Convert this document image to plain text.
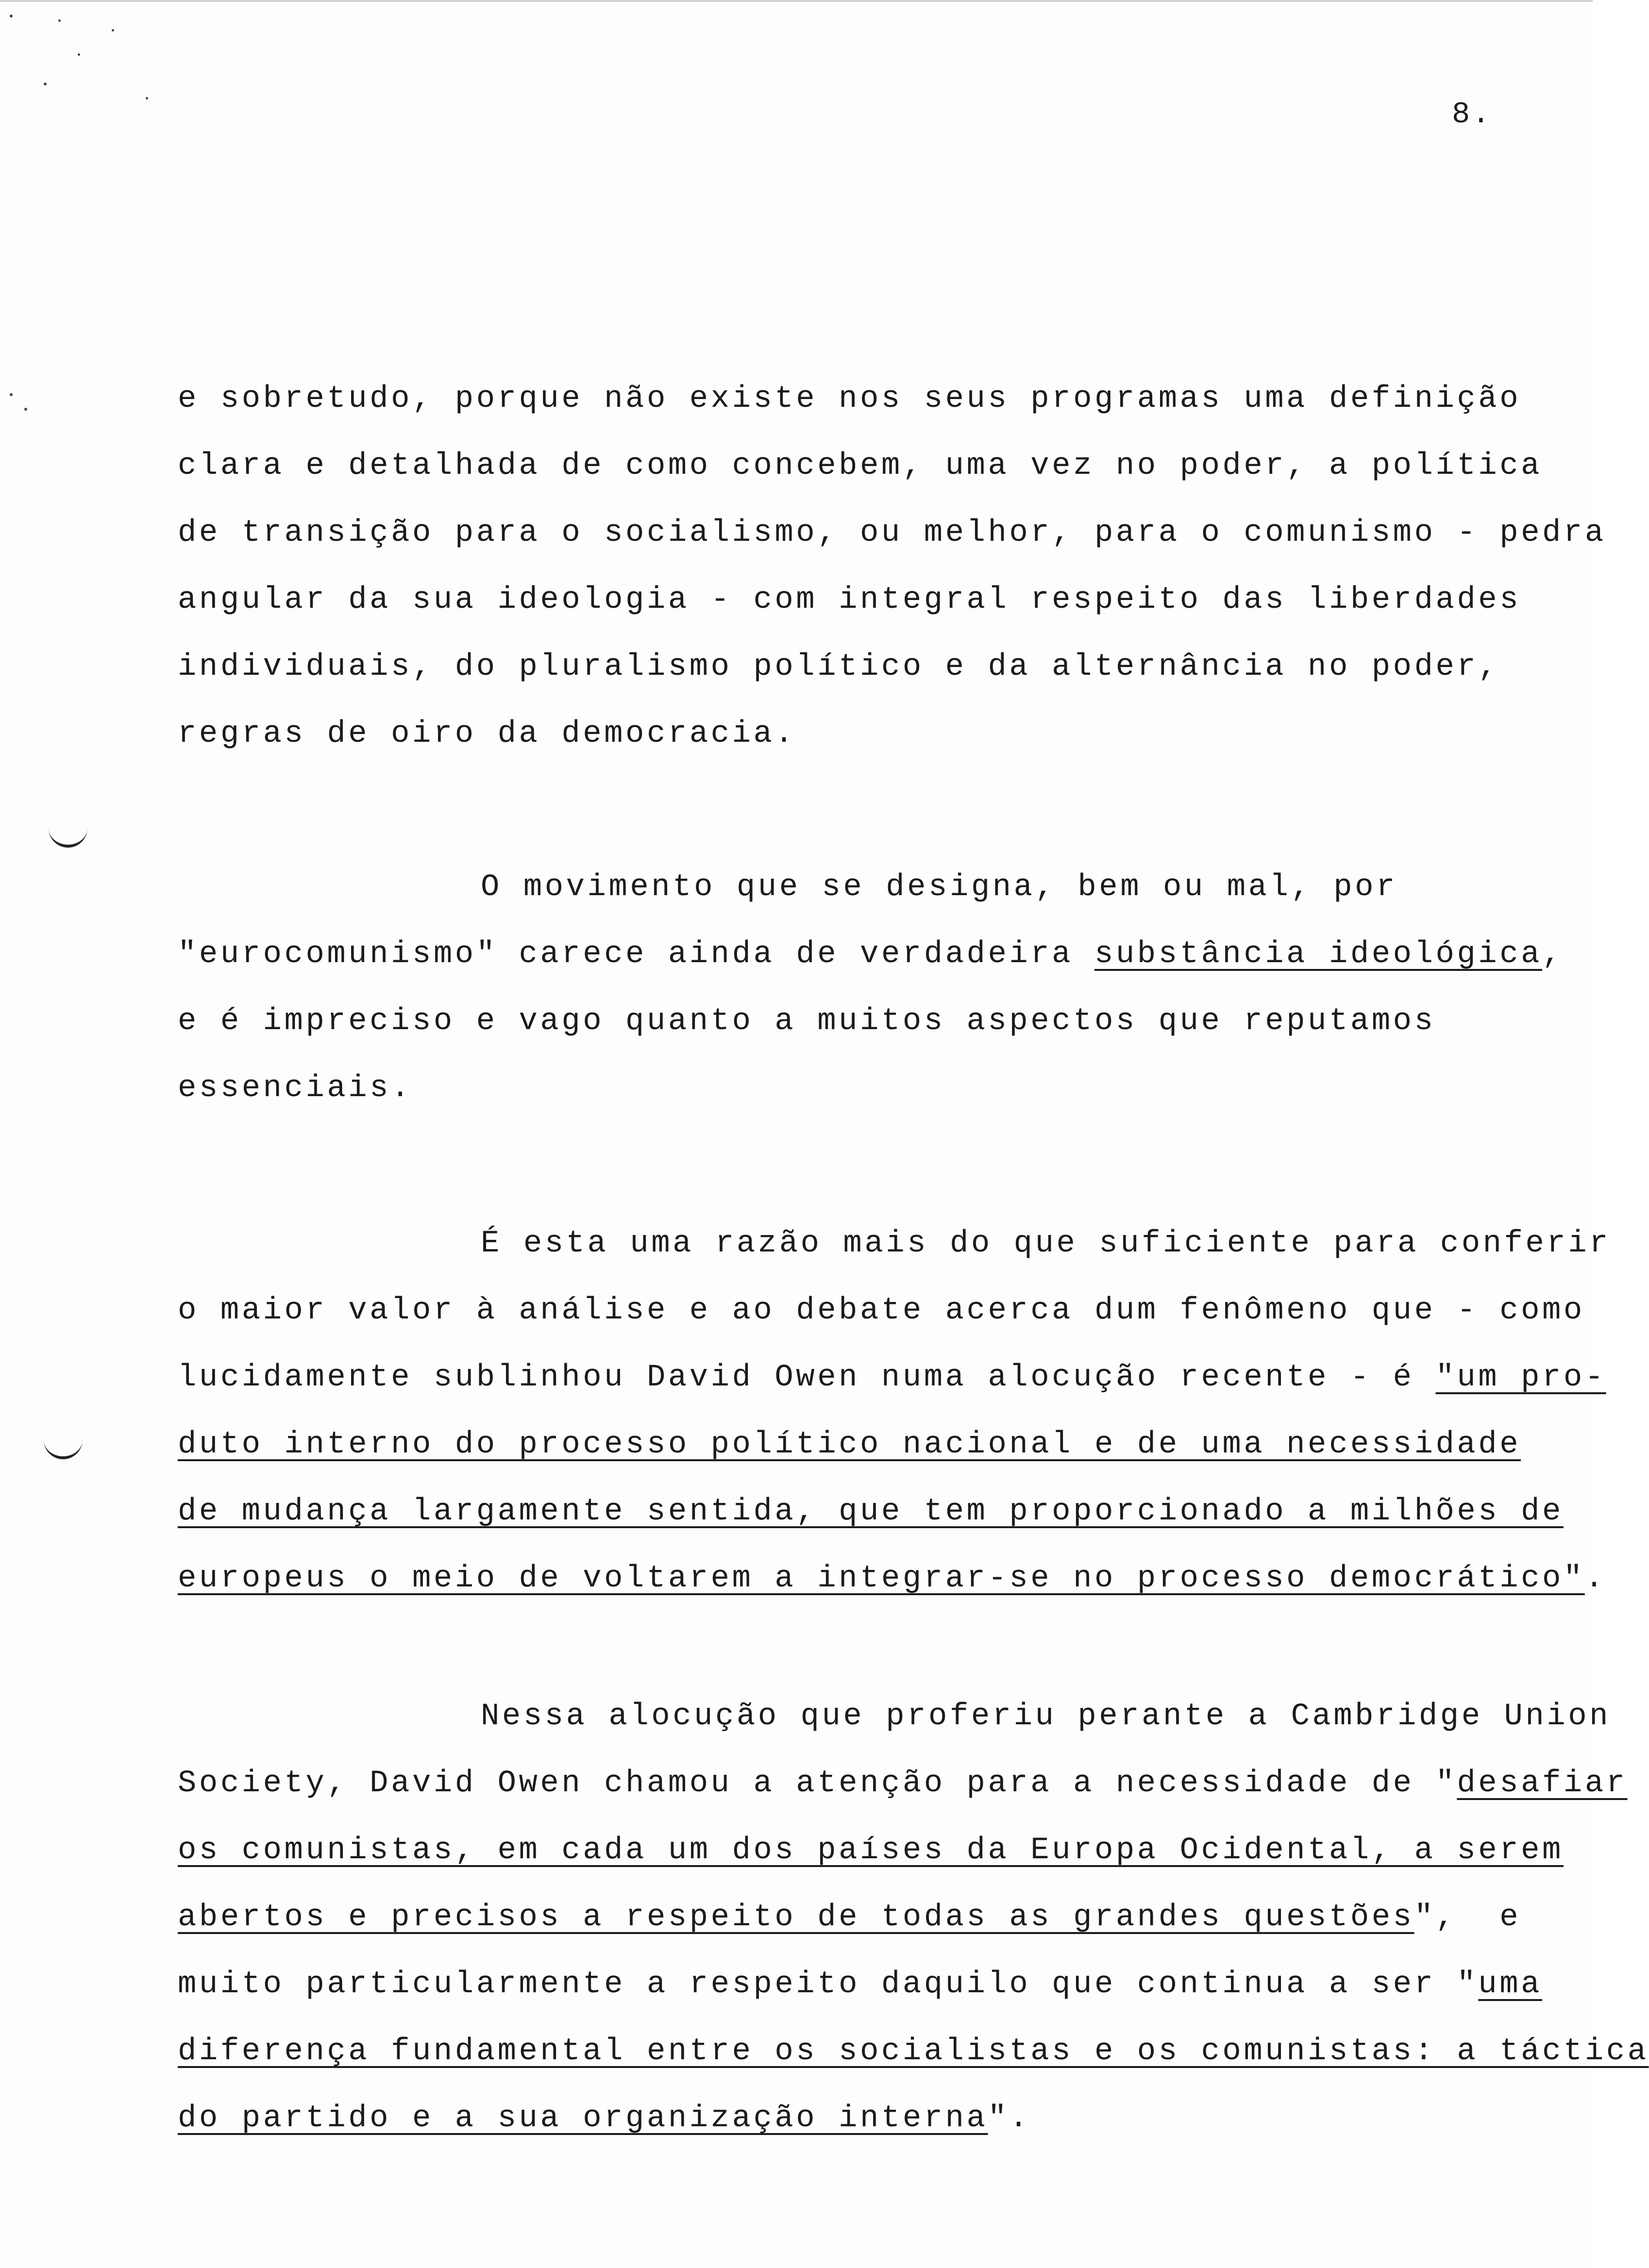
8.
e sobretudo, porque não existe nos seus programas uma definição
clara e detalhada de como concebem, uma vez no poder, a política
de transição para o socialismo, ou melhor, para o comunismo - pedra
angular da sua ideologia - com integral respeito das liberdades
individuais, do pluralismo político e da alternância no poder,
regras de oiro da democracia.
O movimento que se designa, bem ou mal, por
"eurocomunismo" carece ainda de verdadeira substância ideológica,
e é impreciso e vago quanto a muitos aspectos que reputamos
essenciais.
É esta uma razão mais do que suficiente para conferir
o maior valor à análise e ao debate acerca dum fenômeno que - como
lucidamente sublinhou David Owen numa alocução recente - é "um pro-
duto interno do processo político nacional e de uma necessidade
de mudança largamente sentida, que tem proporcionado a milhões de
europeus o meio de voltarem a integrar-se no processo democrático".
Nessa alocução que proferiu perante a Cambridge Union
Society, David Owen chamou a atenção para a necessidade de "desafiar
os comunistas, em cada um dos países da Europa Ocidental, a serem
abertos e precisos a respeito de todas as grandes questões",  e
muito particularmente a respeito daquilo que continua a ser "uma
diferença fundamental entre os socialistas e os comunistas: a táctica
do partido e a sua organização interna".
